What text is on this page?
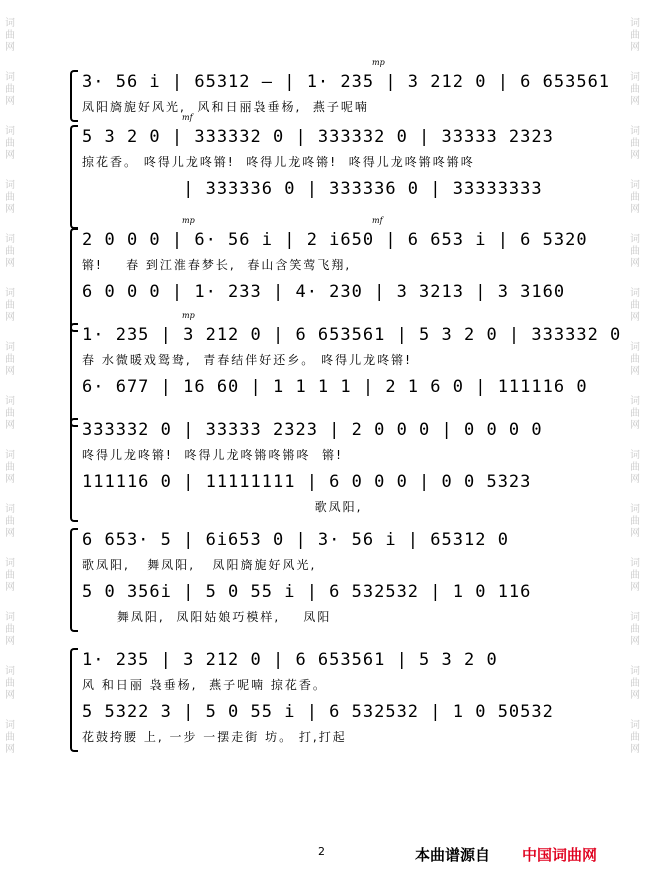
词
曲
网
词
曲
网
词
曲
网
词
曲
网
词
曲
网
词
曲
网
词
曲
网
词
曲
网
词
曲
网
词
曲
网
词
曲
网
词
曲
网
词
曲
网
词
曲
网
词
曲
网
词
曲
网
词
曲
网
词
曲
网
词
曲
网
词
曲
网
词
曲
网
词
曲
网
词
曲
网
词
曲
网
词
曲
网
词
曲
网
词
曲
网
词
曲
网
mp
3· 56 i | 65312 — | 1· 235 | 3 212 0 | 6 653561
凤阳旖旎好风光,  风和日丽袅垂杨,  燕子呢喃
mf
5 3 2 0 | 333332 0 | 333332 0 | 33333 2323
掠花香。 咚得儿龙咚锵!  咚得儿龙咚锵!  咚得儿龙咚锵咚锵咚
| 333336 0 | 333336 0 | 33333333
mp	mf
2 0 0 0 | 6· 56 i | 2 i650 | 6 653 i | 6 5320
锵!    春 到江淮春梦长,  春山含笑莺飞翔,
6 0 0 0 | 1· 233 | 4· 230 | 3 3213 | 3 3160
mp
1· 235 | 3 212 0 | 6 653561 | 5 3 2 0 | 333332 0
春 水微暖戏鸳鸯,  青春结伴好还乡。 咚得儿龙咚锵!
6· 677 | 16 60 | 1 1 1 1 | 2 1 6 0 | 111116 0
333332 0 | 33333 2323 | 2 0 0 0 | 0 0 0 0
咚得儿龙咚锵!  咚得儿龙咚锵咚锵咚  锵!
111116 0 | 11111111 | 6 0 0 0 | 0 0 5323
歌凤阳,
6 653· 5 | 6i653 0 | 3· 56 i | 65312 0
歌凤阳,   舞凤阳,   凤阳旖旎好风光,
5 0 356i | 5 0 55 i | 6 532532 | 1 0 116
舞凤阳,  凤阳姑娘巧模样,    凤阳
1· 235 | 3 212 0 | 6 653561 | 5 3 2 0
风 和日丽 袅垂杨,  燕子呢喃 掠花香。
5 5322 3 | 5 0 55 i | 6 532532 | 1 0 50532
花鼓挎腰 上, 一步 一摆走街 坊。 打,打起
2	本曲谱源自 中国词曲网
